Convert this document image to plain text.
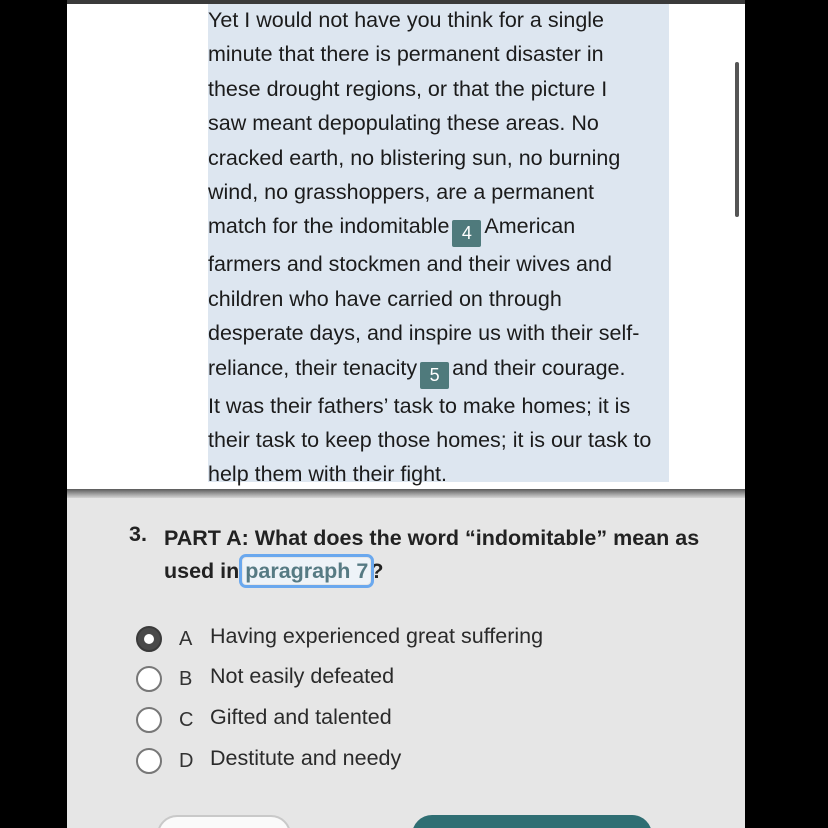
Yet I would not have you think for a single
minute that there is permanent disaster in
these drought regions, or that the picture I
saw meant depopulating these areas. No
cracked earth, no blistering sun, no burning
wind, no grasshoppers, are a permanent
match for the indomitable 4 American
farmers and stockmen and their wives and
children who have carried on through
desperate days, and inspire us with their self-
reliance, their tenacity 5 and their courage.
It was their fathers’ task to make homes; it is
their task to keep those homes; it is our task to
help them with their fight.
3. PART A: What does the word “indomitable” mean as used in paragraph 7?
A Having experienced great suffering
B Not easily defeated
C Gifted and talented
D Destitute and needy
